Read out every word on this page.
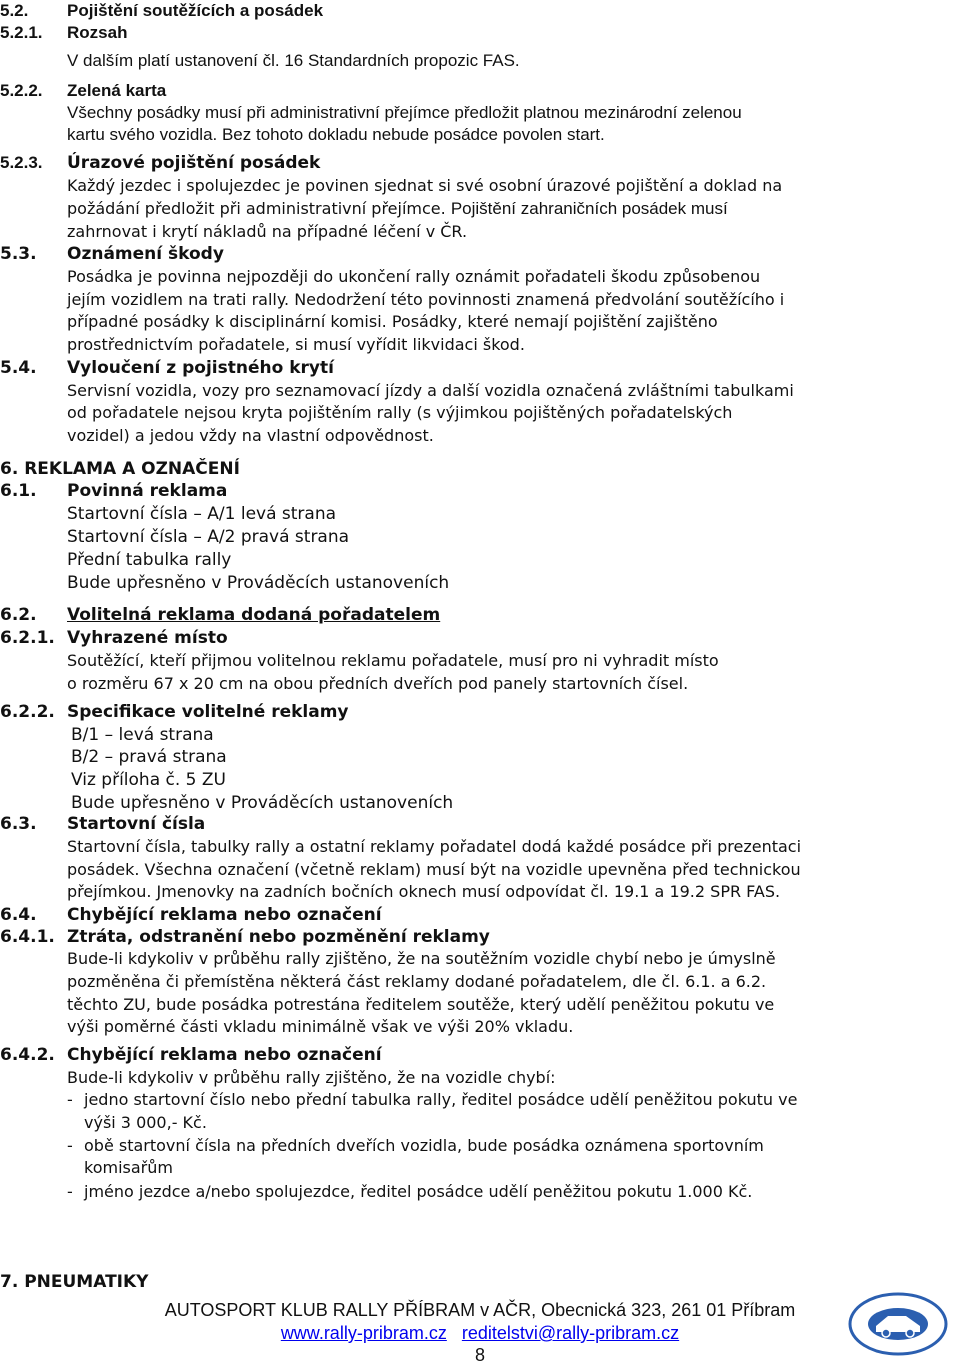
5.2. Pojištění soutěžících a posádek
5.2.1. Rozsah
V dalším platí ustanovení čl. 16 Standardních propozic FAS.
5.2.2. Zelená karta
Všechny posádky musí při administrativní přejímce předložit platnou mezinárodní zelenou
kartu svého vozidla. Bez tohoto dokladu nebude posádce povolen start.
5.2.3. Úrazové pojištění posádek
Každý jezdec i spolujezdec je povinen sjednat si své osobní úrazové pojištění a doklad na
požádání předložit při administrativní přejímce. Pojištění zahraničních posádek musí
zahrnovat i krytí nákladů na případné léčení v ČR.
5.3. Oznámení škody
Posádka je povinna nejpozději do ukončení rally oznámit pořadateli škodu způsobenou
jejím vozidlem na trati rally. Nedodržení této povinnosti znamená předvolání soutěžícího i
případné posádky k disciplinární komisi. Posádky, které nemají pojištění zajištěno
prostřednictvím pořadatele, si musí vyřídit likvidaci škod.
5.4. Vyloučení z pojistného krytí
Servisní vozidla, vozy pro seznamovací jízdy a další vozidla označená zvláštními tabulkami
od pořadatele nejsou kryta pojištěním rally (s výjimkou pojištěných pořadatelských
vozidel) a jedou vždy na vlastní odpovědnost.
6. REKLAMA A OZNAČENÍ
6.1. Povinná reklama
Startovní čísla – A/1 levá strana
Startovní čísla – A/2 pravá strana
Přední tabulka rally
Bude upřesněno v Prováděcích ustanoveních
6.2. Volitelná reklama dodaná pořadatelem
6.2.1. Vyhrazené místo
Soutěžící, kteří přijmou volitelnou reklamu pořadatele, musí pro ni vyhradit místo
o rozměru 67 x 20 cm na obou předních dveřích pod panely startovních čísel.
6.2.2. Specifikace volitelné reklamy
B/1 – levá strana
B/2 – pravá strana
Viz příloha č. 5 ZU
Bude upřesněno v Prováděcích ustanoveních
6.3. Startovní čísla
Startovní čísla, tabulky rally a ostatní reklamy pořadatel dodá každé posádce při prezentaci
posádek. Všechna označení (včetně reklam) musí být na vozidle upevněna před technickou
přejímkou. Jmenovky na zadních bočních oknech musí odpovídat čl. 19.1 a 19.2 SPR FAS.
6.4. Chybějící reklama nebo označení
6.4.1. Ztráta, odstranění nebo pozměnění reklamy
Bude-li kdykoliv v průběhu rally zjištěno, že na soutěžním vozidle chybí nebo je úmyslně
pozměněna či přemístěna některá část reklamy dodané pořadatelem, dle čl. 6.1. a 6.2.
těchto ZU, bude posádka potrestána ředitelem soutěže, který udělí peněžitou pokutu ve
výši poměrné části vkladu minimálně však ve výši 20% vkladu.
6.4.2. Chybějící reklama nebo označení
Bude-li kdykoliv v průběhu rally zjištěno, že na vozidle chybí:
- jedno startovní číslo nebo přední tabulka rally, ředitel posádce udělí peněžitou pokutu ve
výši 3 000,- Kč.
- obě startovní čísla na předních dveřích vozidla, bude posádka oznámena sportovním
komisařům
- jméno jezdce a/nebo spolujezdce, ředitel posádce udělí peněžitou pokutu 1.000 Kč.
7. PNEUMATIKY
AUTOSPORT KLUB RALLY PŘÍBRAM v AČR, Obecnická 323, 261 01 Příbram
www.rally-pribram.cz reditelstvi@rally-pribram.cz
8
